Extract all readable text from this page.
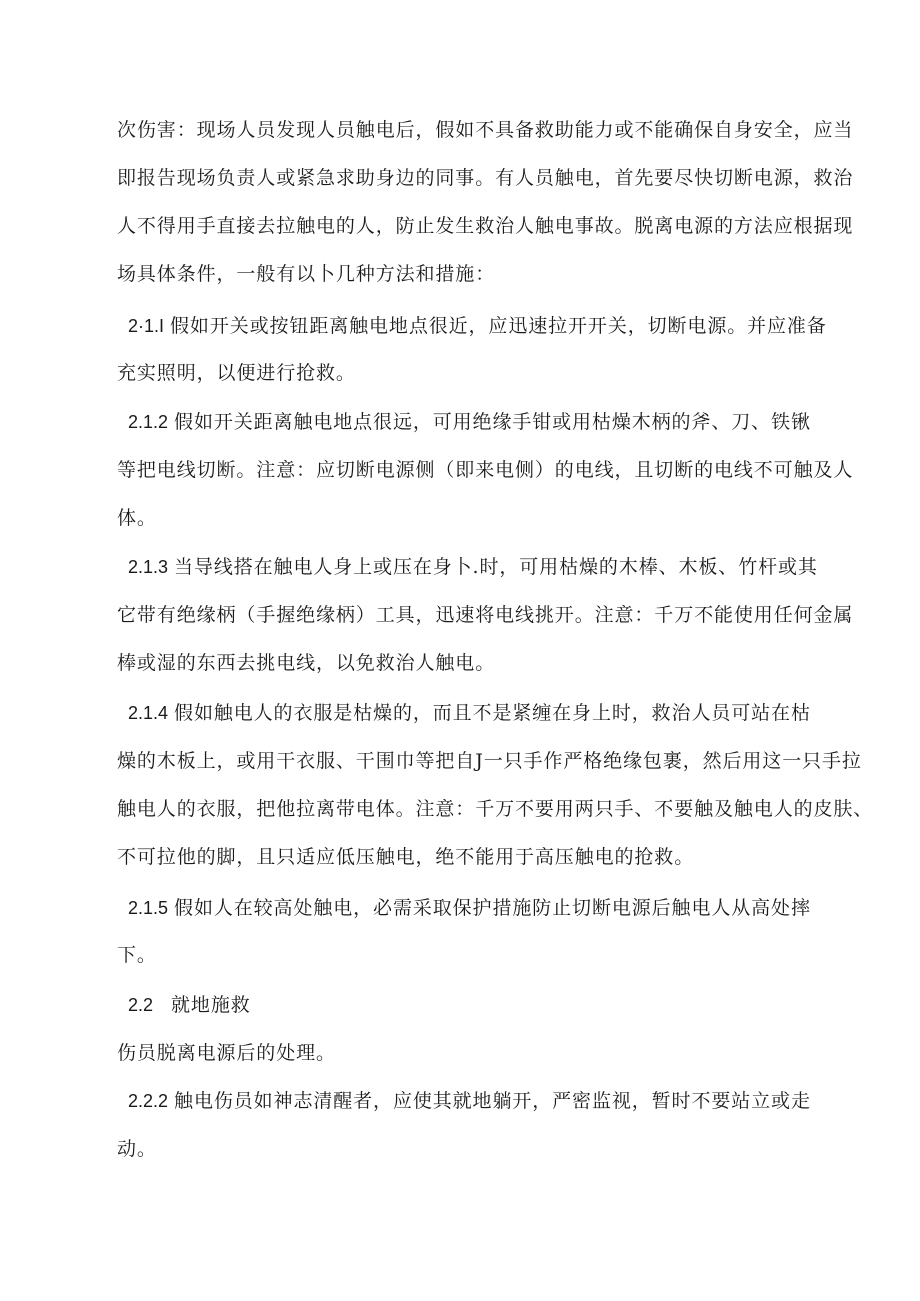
次伤害：现场人员发现人员触电后，假如不具备救助能力或不能确保自身安全，应当
即报告现场负责人或紧急求助身边的同事。有人员触电，首先要尽快切断电源，救治
人不得用手直接去拉触电的人，防止发生救治人触电事故。脱离电源的方法应根据现
场具体条件，一般有以卜几种方法和措施：
2·1.I 假如开关或按钮距离触电地点很近，应迅速拉开开关，切断电源。并应准备
充实照明，以便进行抢救。
2.1.2 假如开关距离触电地点很远，可用绝缘手钳或用枯燥木柄的斧、刀、铁锹
等把电线切断。注意：应切断电源侧（即来电侧）的电线，且切断的电线不可触及人
体。
2.1.3 当导线搭在触电人身上或压在身卜.时，可用枯燥的木棒、木板、竹杆或其
它带有绝缘柄（手握绝缘柄）工具，迅速将电线挑开。注意：千万不能使用任何金属
棒或湿的东西去挑电线，以免救治人触电。
2.1.4 假如触电人的衣服是枯燥的，而且不是紧缠在身上时，救治人员可站在枯
燥的木板上，或用干衣服、干围巾等把自J一只手作严格绝缘包裹，然后用这一只手拉
触电人的衣服，把他拉离带电体。注意：千万不要用两只手、不要触及触电人的皮肤、
不可拉他的脚，且只适应低压触电，绝不能用于高压触电的抢救。
2.1.5 假如人在较高处触电，必需采取保护措施防止切断电源后触电人从高处摔
下。
2.2 就地施救
伤员脱离电源后的处理。
2.2.2 触电伤员如神志清醒者，应使其就地躺开，严密监视，暂时不要站立或走
动。
